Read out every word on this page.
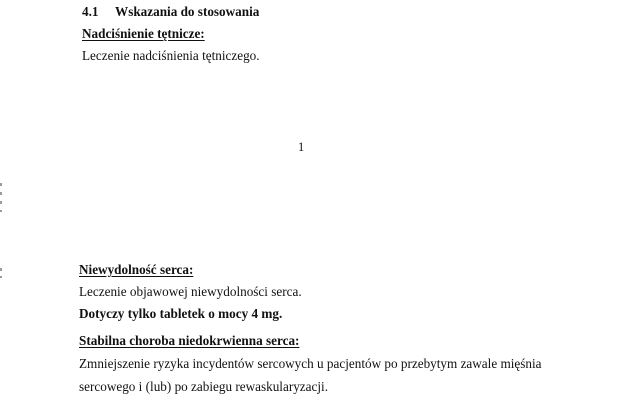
4.1 Wskazania do stosowania
Nadciśnienie tętnicze:
Leczenie nadciśnienia tętniczego.
1
Niewydolność serca:
Leczenie objawowej niewydolności serca.
Dotyczy tylko tabletek o mocy 4 mg.
Stabilna choroba niedokrwienna serca:
Zmniejszenie ryzyka incydentów sercowych u pacjentów po przebytym zawale mięśnia
sercowego i (lub) po zabiegu rewaskularyzacji.
